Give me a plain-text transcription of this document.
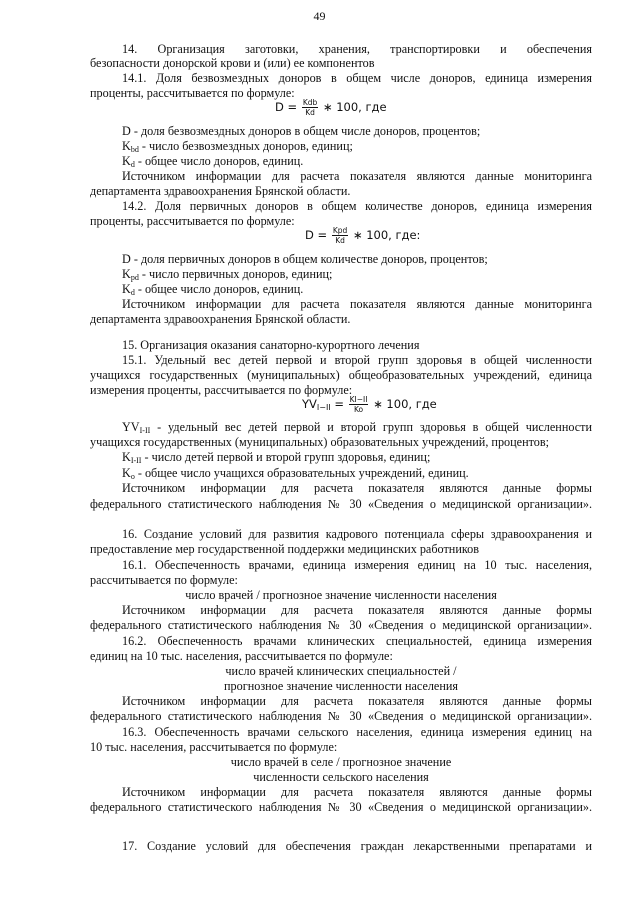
49
14. Организация заготовки, хранения, транспортировки и обеспечения
безопасности донорской крови и (или) ее компонентов
14.1. Доля безвозмездных доноров в общем числе доноров, единица измерения
проценты, рассчитывается по формуле:
$D = \frac{\text{Kdb}}{Kd}$ ∗ 100, где
D - доля безвозмездных доноров в общем числе доноров, процентов;
$K_{bd}$ - число безвозмездных доноров, единиц;
$K_d$ - общее число доноров, единиц.
Источником информации для расчета показателя являются данные мониторинга
департамента здравоохранения Брянской области.
14.2. Доля первичных доноров в общем количестве доноров, единица измерения
проценты, рассчитывается по формуле:
$D = \frac{\text{Kpd}}{Kd}$ ∗ 100, где:
D - доля первичных доноров в общем количестве доноров, процентов;
$K_{pd}$ - число первичных доноров, единиц;
$K_d$ - общее число доноров, единиц.
Источником информации для расчета показателя являются данные мониторинга
департамента здравоохранения Брянской области.
15. Организация оказания санаторно-курортного лечения
15.1. Удельный вес детей первой и второй групп здоровья в общей численности
учащихся государственных (муниципальных) общеобразовательных учреждений, единица
измерения проценты, рассчитывается по формуле:
$YV_{I-II} = \frac{KI-II}{Ko}$ ∗ 100, где
$YV_{I-II}$ - удельный вес детей первой и второй групп здоровья в общей численности
учащихся государственных (муниципальных) образовательных учреждений, процентов;
$K_{I-II}$ - число детей первой и второй групп здоровья, единиц;
$K_o$ - общее число учащихся образовательных учреждений, единиц.
Источником информации для расчета показателя являются данные формы
федерального статистического наблюдения № 30 «Сведения о медицинской организации».
16. Создание условий для развития кадрового потенциала сферы здравоохранения и
предоставление мер государственной поддержки медицинских работников
16.1. Обеспеченность врачами, единица измерения единиц на 10 тыс. населения,
рассчитывается по формуле:
число врачей / прогнозное значение численности населения
Источником информации для расчета показателя являются данные формы
федерального статистического наблюдения № 30 «Сведения о медицинской организации».
16.2. Обеспеченность врачами клинических специальностей, единица измерения
единиц на 10 тыс. населения, рассчитывается по формуле:
число врачей клинических специальностей /
прогнозное значение численности населения
Источником информации для расчета показателя являются данные формы
федерального статистического наблюдения № 30 «Сведения о медицинской организации».
16.3. Обеспеченность врачами сельского населения, единица измерения единиц на
10 тыс. населения, рассчитывается по формуле:
число врачей в селе / прогнозное значение
численности сельского населения
Источником информации для расчета показателя являются данные формы
федерального статистического наблюдения № 30 «Сведения о медицинской организации».
17. Создание условий для обеспечения граждан лекарственными препаратами и
